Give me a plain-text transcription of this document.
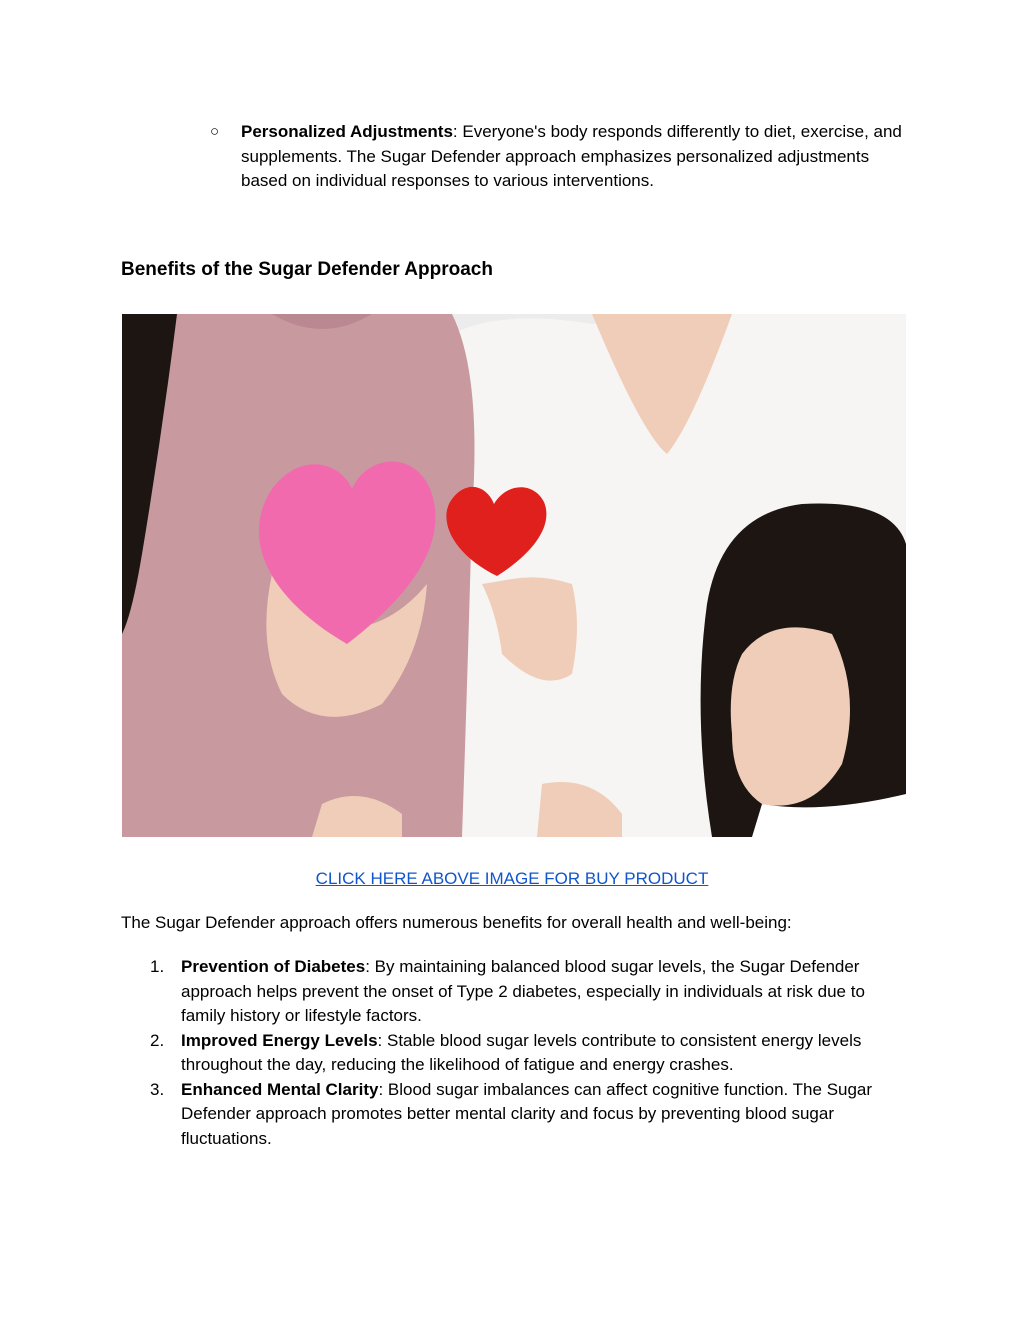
○ Personalized Adjustments: Everyone's body responds differently to diet, exercise, and supplements. The Sugar Defender approach emphasizes personalized adjustments based on individual responses to various interventions.
Benefits of the Sugar Defender Approach
CLICK HERE ABOVE IMAGE FOR BUY PRODUCT
The Sugar Defender approach offers numerous benefits for overall health and well-being:
1. Prevention of Diabetes: By maintaining balanced blood sugar levels, the Sugar Defender approach helps prevent the onset of Type 2 diabetes, especially in individuals at risk due to family history or lifestyle factors.
2. Improved Energy Levels: Stable blood sugar levels contribute to consistent energy levels throughout the day, reducing the likelihood of fatigue and energy crashes.
3. Enhanced Mental Clarity: Blood sugar imbalances can affect cognitive function. The Sugar Defender approach promotes better mental clarity and focus by preventing blood sugar fluctuations.
